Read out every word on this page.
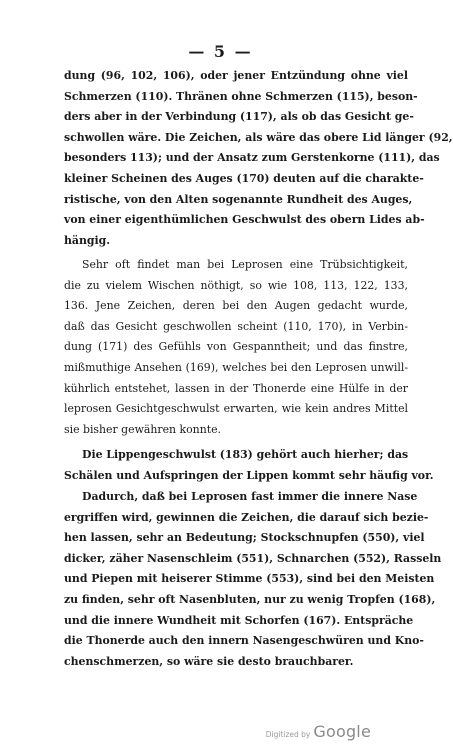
— 5 —
dung (96, 102, 106), oder jener Entzündung ohne viel
Schmerzen (110). Thränen ohne Schmerzen (115), beson-
ders aber in der Verbindung (117), als ob das Gesicht ge-
schwollen wäre. Die Zeichen, als wäre das obere Lid länger (92,
besonders 113); und der Ansatz zum Gerstenkorne (111), das
kleiner Scheinen des Auges (170) deuten auf die charakte-
ristische, von den Alten sogenannte Rundheit des Auges,
von einer eigenthümlichen Geschwulst des obern Lides ab-
hängig.
Sehr oft findet man bei Leprosen eine Trübsichtigkeit,
die zu vielem Wischen nöthigt, so wie 108, 113, 122, 133,
136. Jene Zeichen, deren bei den Augen gedacht wurde,
daß das Gesicht geschwollen scheint (110, 170), in Verbin-
dung (171) des Gefühls von Gespanntheit; und das finstre,
mißmuthige Ansehen (169), welches bei den Leprosen unwill-
kührlich entstehet, lassen in der Thonerde eine Hülfe in der
leprosen Gesichtgeschwulst erwarten, wie kein andres Mittel
sie bisher gewähren konnte.
Die Lippengeschwulst (183) gehört auch hierher; das
Schälen und Aufspringen der Lippen kommt sehr häufig vor.
Dadurch, daß bei Leprosen fast immer die innere Nase
ergriffen wird, gewinnen die Zeichen, die darauf sich bezie-
hen lassen, sehr an Bedeutung; Stockschnupfen (550), viel
dicker, zäher Nasenschleim (551), Schnarchen (552), Rasseln
und Piepen mit heiserer Stimme (553), sind bei den Meisten
zu finden, sehr oft Nasenbluten, nur zu wenig Tropfen (168),
und die innere Wundheit mit Schorfen (167). Entspräche
die Thonerde auch den innern Nasengeschwüren und Kno-
chenschmerzen, so wäre sie desto brauchbarer.
Digitized by Google
